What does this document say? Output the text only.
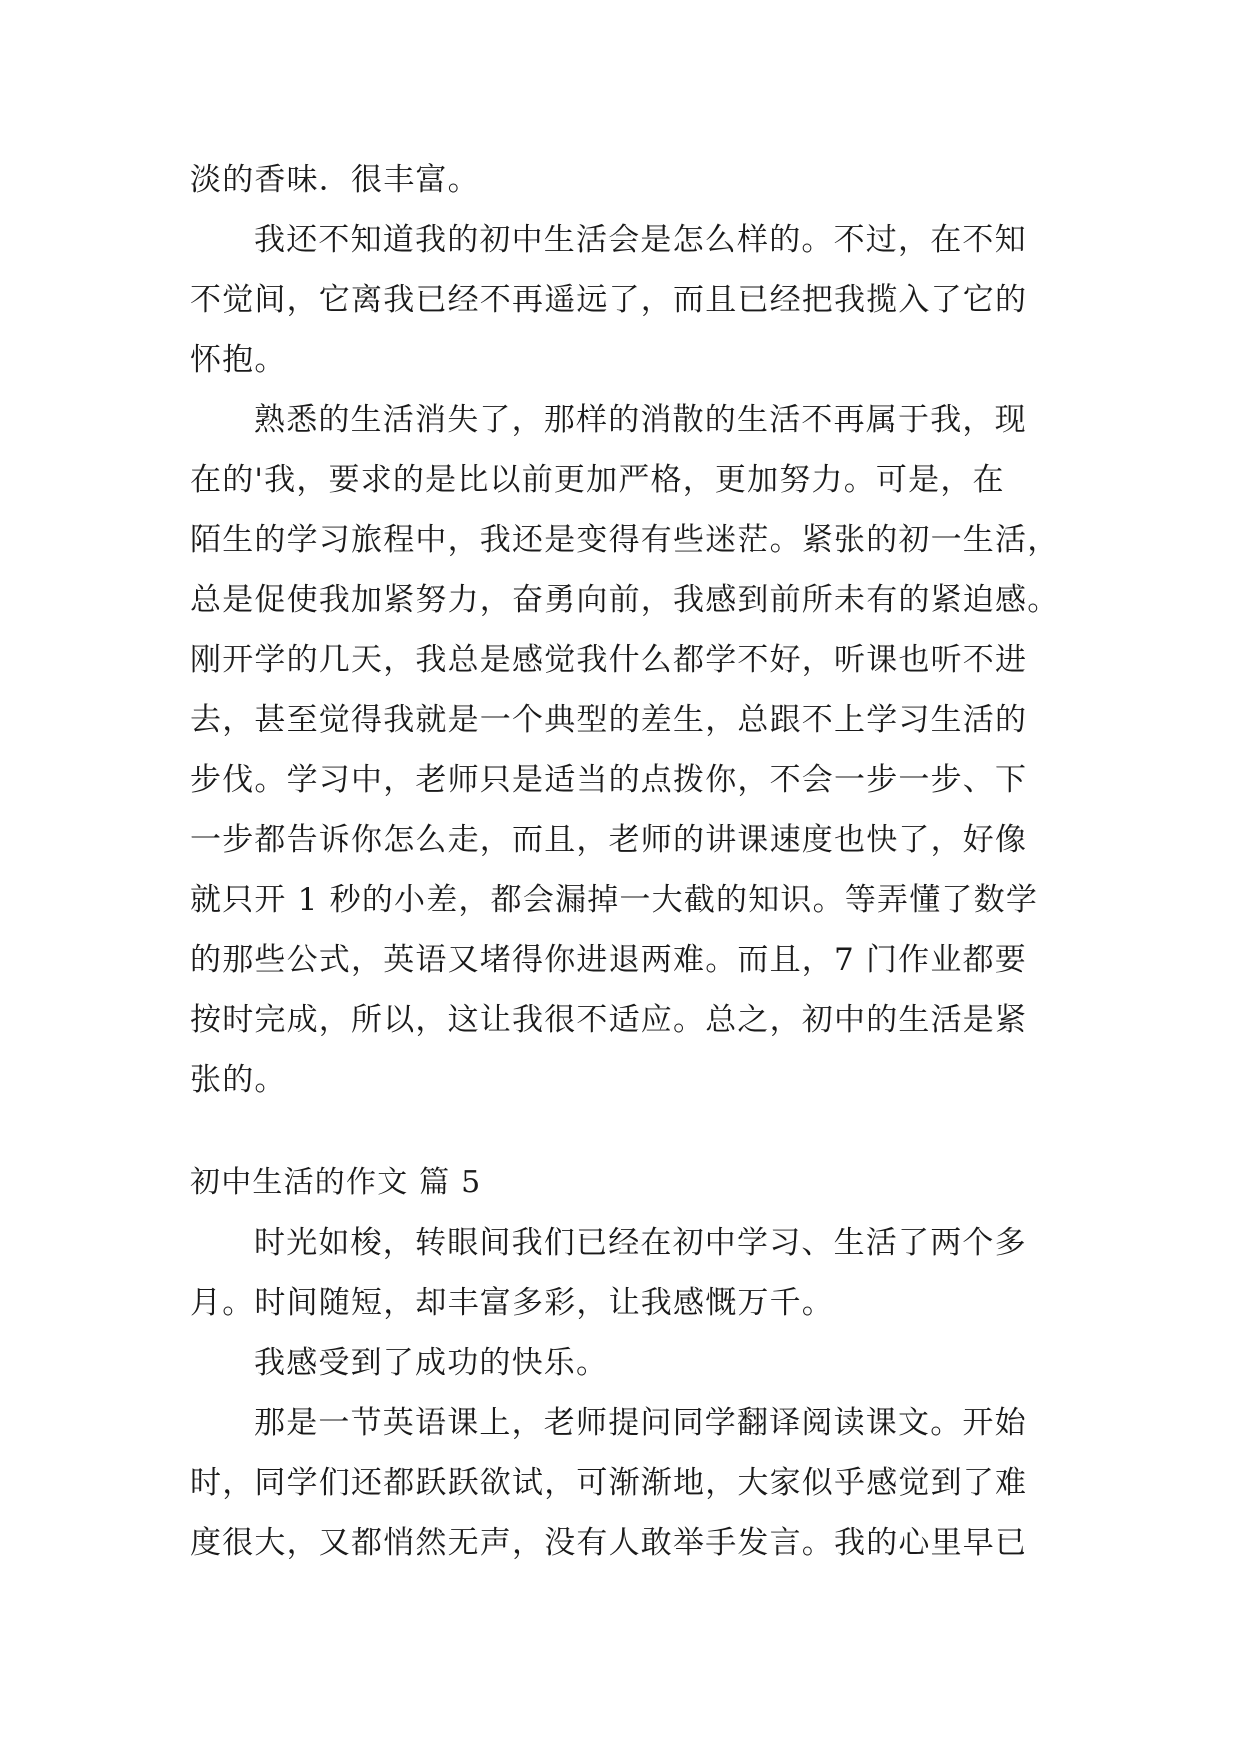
淡的香味．很丰富。
我还不知道我的初中生活会是怎么样的。不过，在不知
不觉间，它离我已经不再遥远了，而且已经把我揽入了它的
怀抱。
熟悉的生活消失了，那样的消散的生活不再属于我，现
在的'我，要求的是比以前更加严格，更加努力。可是，在
陌生的学习旅程中，我还是变得有些迷茫。紧张的初一生活，
总是促使我加紧努力，奋勇向前，我感到前所未有的紧迫感。
刚开学的几天，我总是感觉我什么都学不好，听课也听不进
去，甚至觉得我就是一个典型的差生，总跟不上学习生活的
步伐。学习中，老师只是适当的点拨你，不会一步一步、下
一步都告诉你怎么走，而且，老师的讲课速度也快了，好像
就只开 1 秒的小差，都会漏掉一大截的知识。等弄懂了数学
的那些公式，英语又堵得你进退两难。而且，7 门作业都要
按时完成，所以，这让我很不适应。总之，初中的生活是紧
张的。
初中生活的作文 篇 5
时光如梭，转眼间我们已经在初中学习、生活了两个多
月。时间随短，却丰富多彩，让我感慨万千。
我感受到了成功的快乐。
那是一节英语课上，老师提问同学翻译阅读课文。开始
时，同学们还都跃跃欲试，可渐渐地，大家似乎感觉到了难
度很大，又都悄然无声，没有人敢举手发言。我的心里早已
